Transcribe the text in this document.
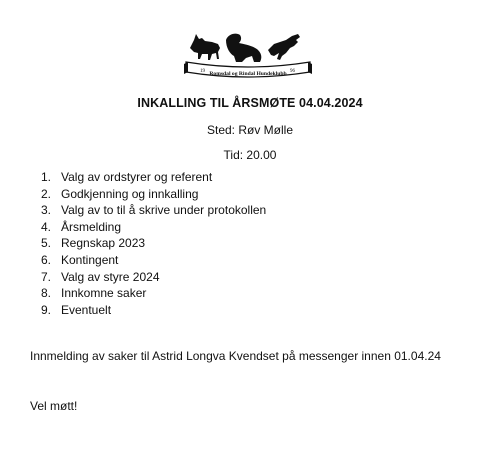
19	96
Romsdal og Rindal Hundeklubb
INKALLING TIL ÅRSMØTE 04.04.2024
Sted: Røv Mølle
Tid: 20.00
1. Valg av ordstyrer og referent
2. Godkjenning og innkalling
3. Valg av to til å skrive under protokollen
4. Årsmelding
5. Regnskap 2023
6. Kontingent
7. Valg av styre 2024
8. Innkomne saker
9. Eventuelt
Innmelding av saker til Astrid Longva Kvendset på messenger innen 01.04.24
Vel møtt!
